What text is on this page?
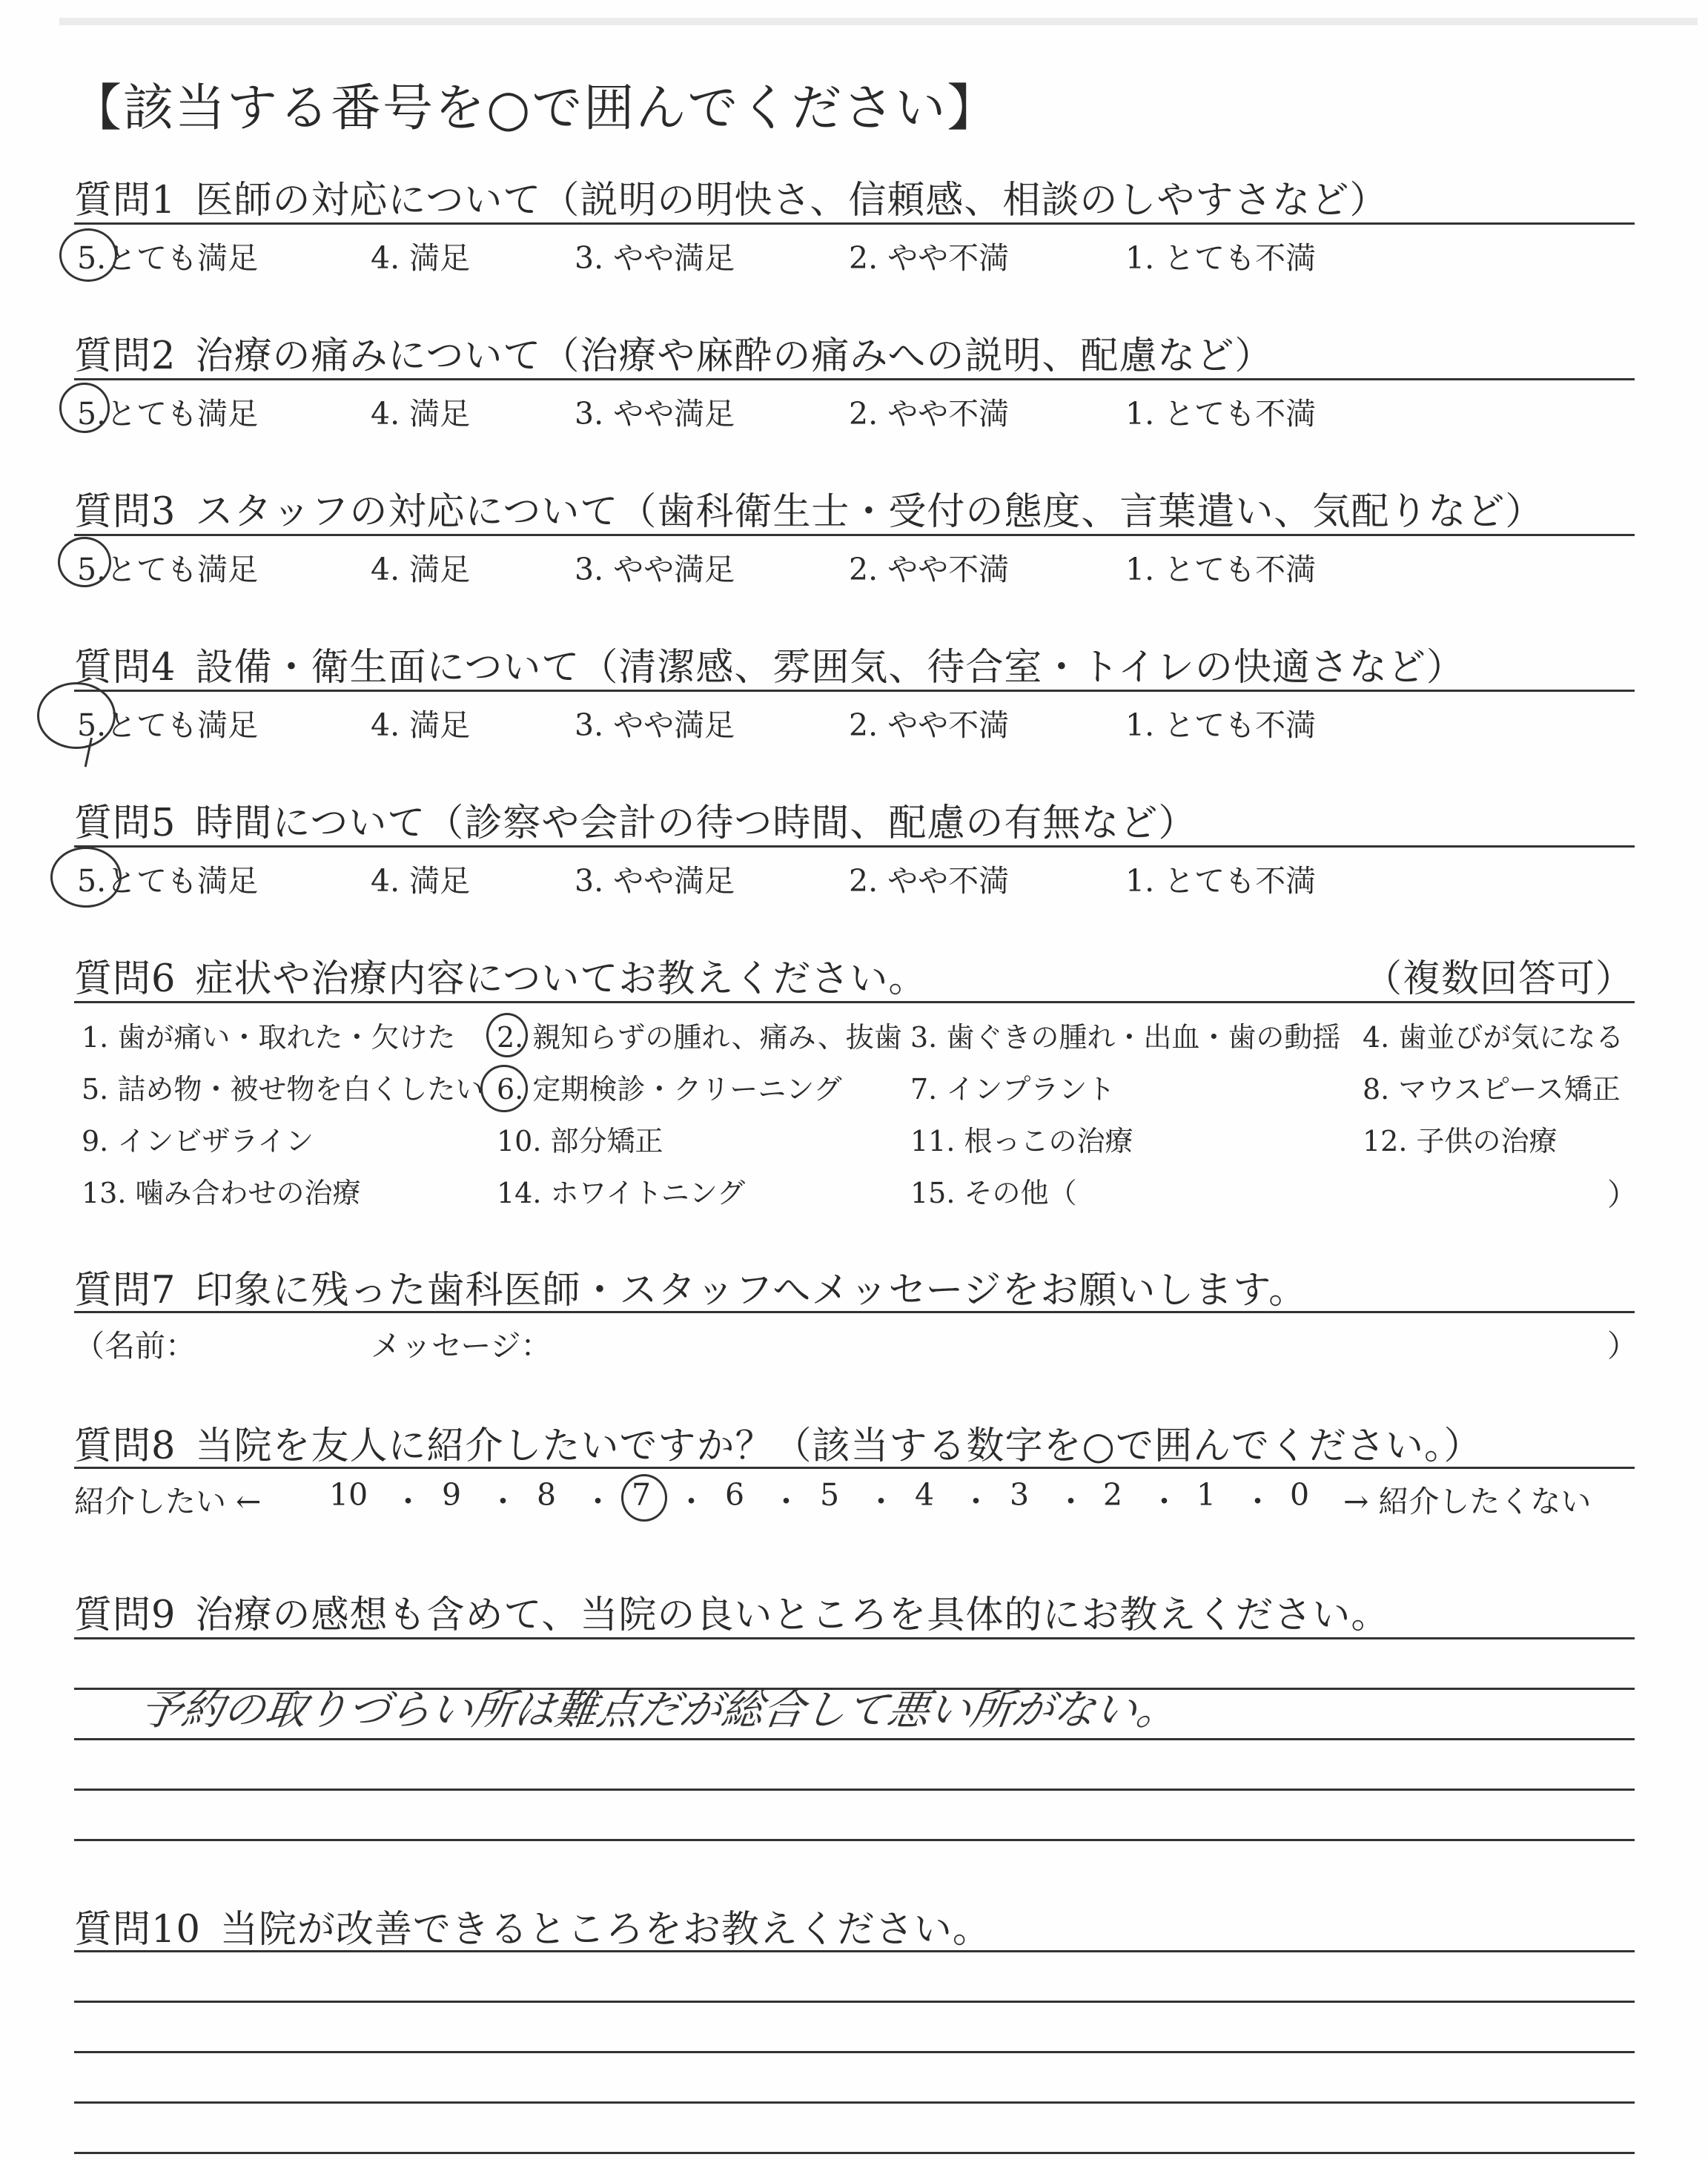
【該当する番号を○で囲んでください】
質問1 医師の対応について（説明の明快さ、信頼感、相談のしやすさなど）
5.とても満足	4. 満足	3. やや満足	2. やや不満	1. とても不満
質問2 治療の痛みについて（治療や麻酔の痛みへの説明、配慮など）
5.とても満足	4. 満足	3. やや満足	2. やや不満	1. とても不満
質問3 スタッフの対応について（歯科衛生士・受付の態度、言葉遣い、気配りなど）
5.とても満足	4. 満足	3. やや満足	2. やや不満	1. とても不満
質問4 設備・衛生面について（清潔感、雰囲気、待合室・トイレの快適さなど）
5.とても満足	4. 満足	3. やや満足	2. やや不満	1. とても不満
質問5 時間について（診察や会計の待つ時間、配慮の有無など）
5.とても満足	4. 満足	3. やや満足	2. やや不満	1. とても不満
質問6 症状や治療内容についてお教えください。	（複数回答可）
1. 歯が痛い・取れた・欠けた 2. 親知らずの腫れ、痛み、抜歯 3. 歯ぐきの腫れ・出血・歯の動揺 4. 歯並びが気になる
5. 詰め物・被せ物を白くしたい 6. 定期検診・クリーニング 7. インプラント	8. マウスピース矯正
9. インビザライン	10. 部分矯正	11. 根っこの治療	12. 子供の治療
13. 噛み合わせの治療	14. ホワイトニング	15. その他（	）
質問7 印象に残った歯科医師・スタッフへメッセージをお願いします。
（名前：	メッセージ：	）
質問8 当院を友人に紹介したいですか？（該当する数字を○で囲んでください。）
紹介したい ← 10 ・ 9 ・ 8 ・ 7 ・ 6 ・ 5 ・ 4 ・ 3 ・ 2 ・ 1 ・ 0 → 紹介したくない
質問9 治療の感想も含めて、当院の良いところを具体的にお教えください。
予約の取りづらい所は難点だが総合して悪い所がない。
質問10 当院が改善できるところをお教えください。
